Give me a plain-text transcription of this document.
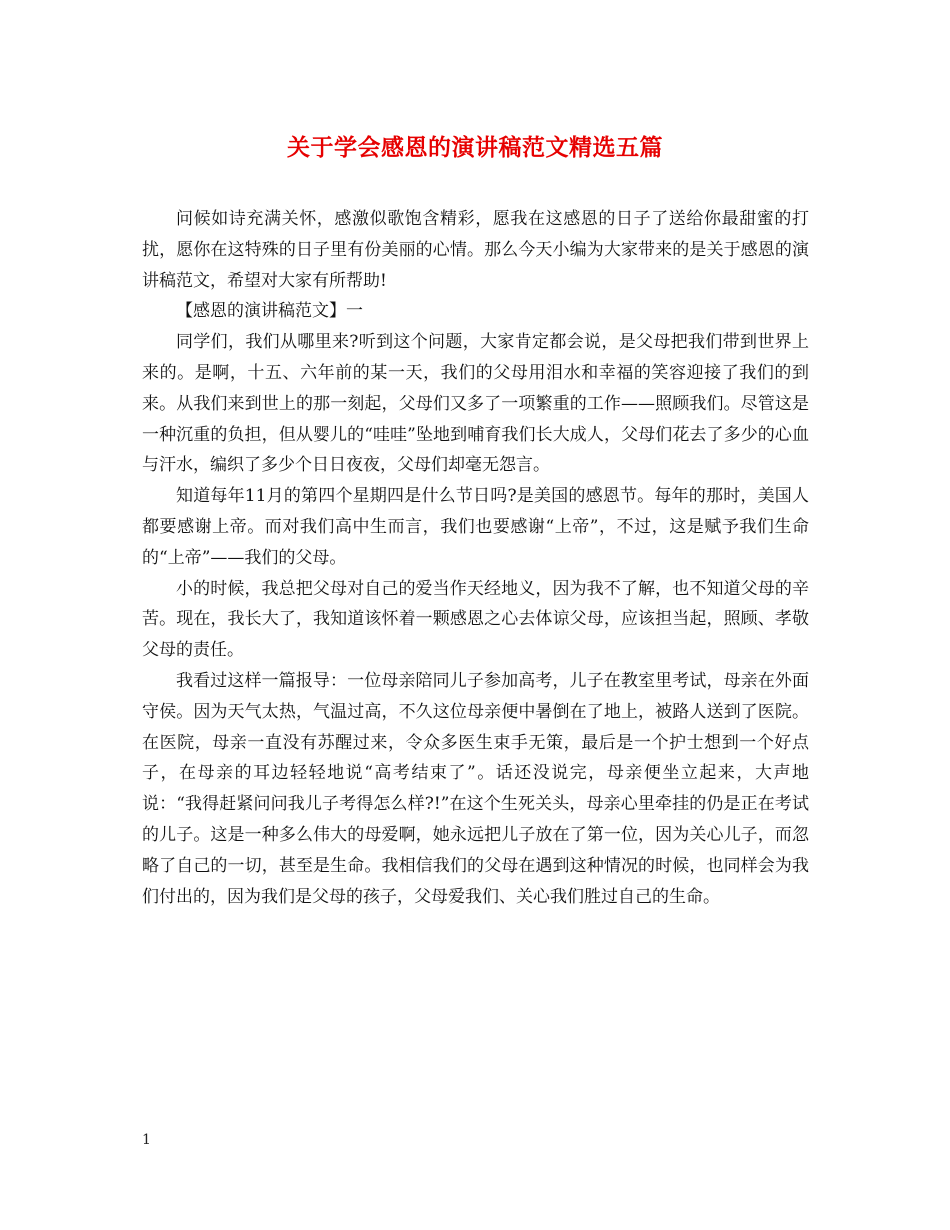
关于学会感恩的演讲稿范文精选五篇

问候如诗充满关怀，感激似歌饱含精彩，愿我在这感恩的日子了送给你最甜蜜的打扰，愿你在这特殊的日子里有份美丽的心情。那么今天小编为大家带来的是关于感恩的演讲稿范文，希望对大家有所帮助!

【感恩的演讲稿范文】一

同学们，我们从哪里来?听到这个问题，大家肯定都会说，是父母把我们带到世界上来的。是啊，十五、六年前的某一天，我们的父母用泪水和幸福的笑容迎接了我们的到来。从我们来到世上的那一刻起，父母们又多了一项繁重的工作——照顾我们。尽管这是一种沉重的负担，但从婴儿的“哇哇”坠地到哺育我们长大成人，父母们花去了多少的心血与汗水，编织了多少个日日夜夜，父母们却毫无怨言。

知道每年11月的第四个星期四是什么节日吗?是美国的感恩节。每年的那时，美国人都要感谢上帝。而对我们高中生而言，我们也要感谢“上帝”，不过，这是赋予我们生命的“上帝”——我们的父母。

小的时候，我总把父母对自己的爱当作天经地义，因为我不了解，也不知道父母的辛苦。现在，我长大了，我知道该怀着一颗感恩之心去体谅父母，应该担当起，照顾、孝敬父母的责任。

我看过这样一篇报导：一位母亲陪同儿子参加高考，儿子在教室里考试，母亲在外面守侯。因为天气太热，气温过高，不久这位母亲便中暑倒在了地上，被路人送到了医院。在医院，母亲一直没有苏醒过来，令众多医生束手无策，最后是一个护士想到一个好点子，在母亲的耳边轻轻地说“高考结束了”。话还没说完，母亲便坐立起来，大声地说：“我得赶紧问问我儿子考得怎么样?!”在这个生死关头，母亲心里牵挂的仍是正在考试的儿子。这是一种多么伟大的母爱啊，她永远把儿子放在了第一位，因为关心儿子，而忽略了自己的一切，甚至是生命。我相信我们的父母在遇到这种情况的时候，也同样会为我们付出的，因为我们是父母的孩子，父母爱我们、关心我们胜过自己的生命。

1
